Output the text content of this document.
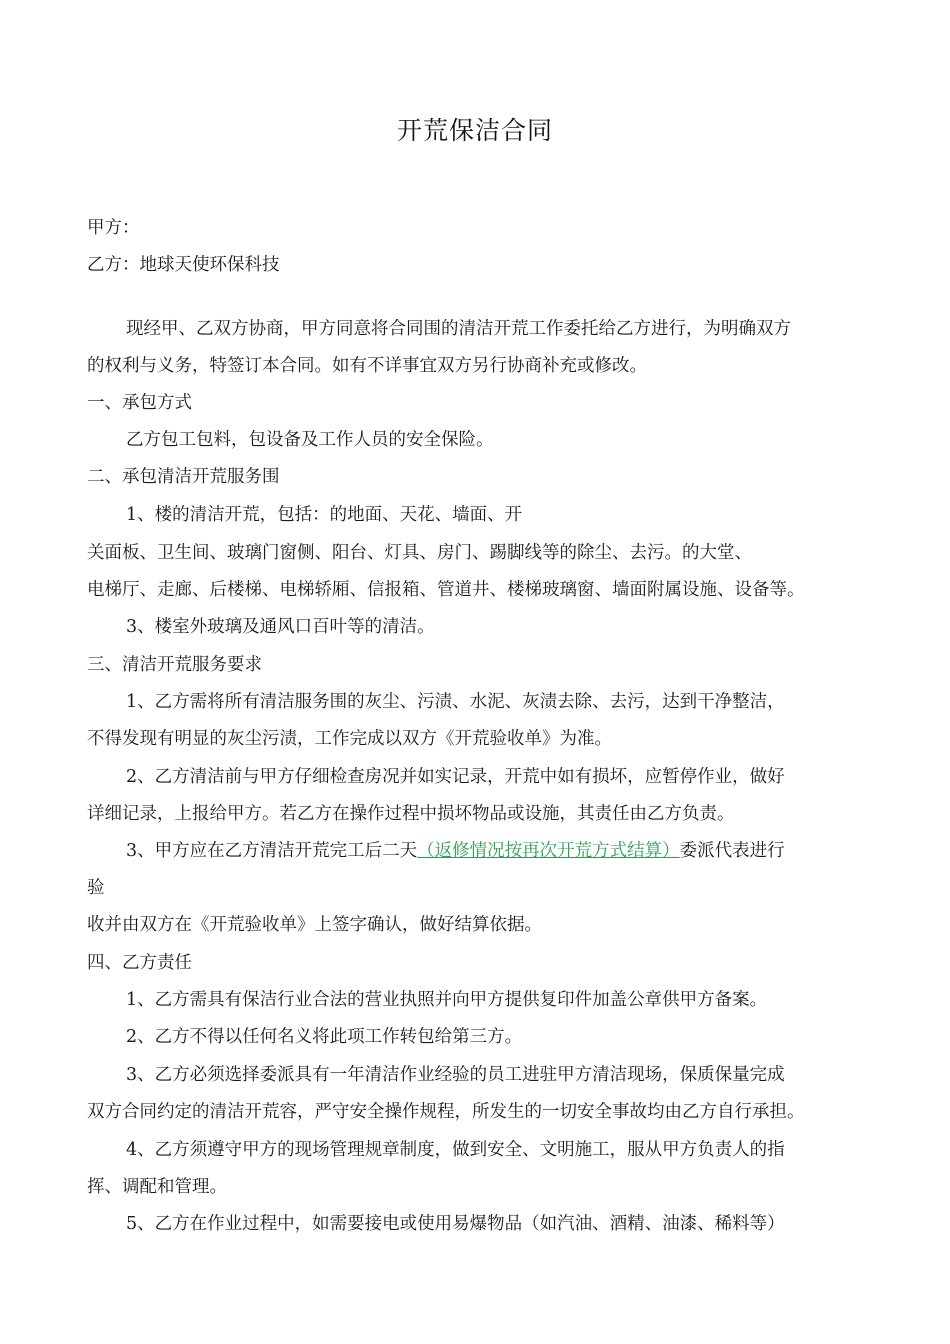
开荒保洁合同

甲方：

乙方：地球天使环保科技

现经甲、乙双方协商，甲方同意将合同围的清洁开荒工作委托给乙方进行，为明确双方

的权利与义务，特签订本合同。如有不详事宜双方另行协商补充或修改。

一、承包方式

乙方包工包料，包设备及工作人员的安全保险。

二、承包清洁开荒服务围

1、楼的清洁开荒，包括：的地面、天花、墙面、开

关面板、卫生间、玻璃门窗侧、阳台、灯具、房门、踢脚线等的除尘、去污。的大堂、

电梯厅、走廊、后楼梯、电梯轿厢、信报箱、管道井、楼梯玻璃窗、墙面附属设施、设备等。

3、楼室外玻璃及通风口百叶等的清洁。

三、清洁开荒服务要求

1、乙方需将所有清洁服务围的灰尘、污渍、水泥、灰渍去除、去污，达到干净整洁，

不得发现有明显的灰尘污渍，工作完成以双方《开荒验收单》为准。

2、乙方清洁前与甲方仔细检查房况并如实记录，开荒中如有损坏，应暂停作业，做好

详细记录，上报给甲方。若乙方在操作过程中损坏物品或设施，其责任由乙方负责。

3、甲方应在乙方清洁开荒完工后二天（返修情况按再次开荒方式结算）委派代表进行

验

收并由双方在《开荒验收单》上签字确认，做好结算依据。

四、乙方责任

1、乙方需具有保洁行业合法的营业执照并向甲方提供复印件加盖公章供甲方备案。

2、乙方不得以任何名义将此项工作转包给第三方。

3、乙方必须选择委派具有一年清洁作业经验的员工进驻甲方清洁现场，保质保量完成

双方合同约定的清洁开荒容，严守安全操作规程，所发生的一切安全事故均由乙方自行承担。

4、乙方须遵守甲方的现场管理规章制度，做到安全、文明施工，服从甲方负责人的指

挥、调配和管理。

5、乙方在作业过程中，如需要接电或使用易爆物品（如汽油、酒精、油漆、稀料等）
